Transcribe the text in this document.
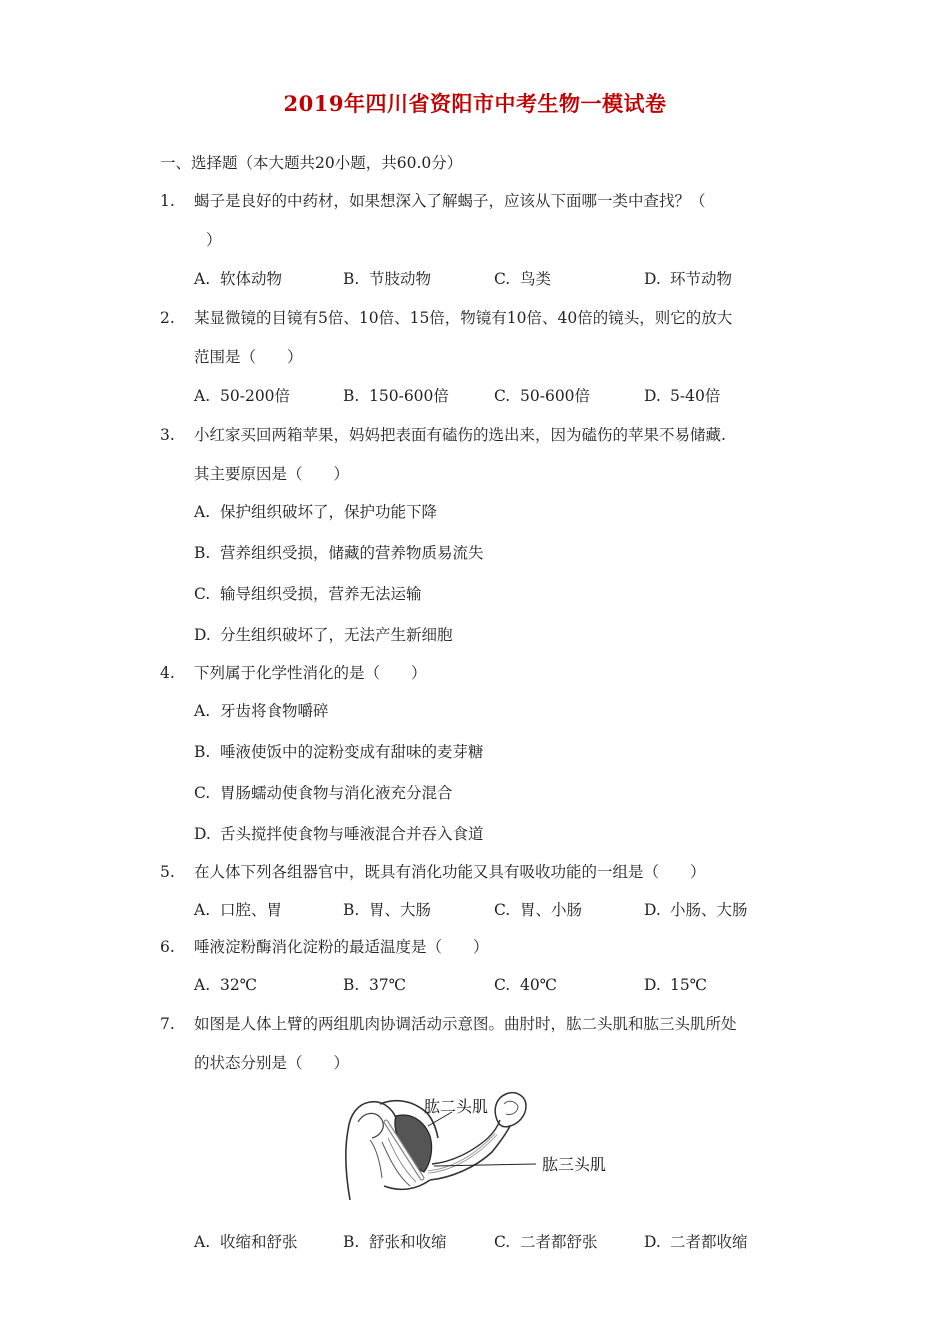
2019年四川省资阳市中考生物一模试卷
一、选择题（本大题共20小题，共60.0分）
1. 蝎子是良好的中药材，如果想深入了解蝎子，应该从下面哪一类中查找？（
）
A. 软体动物	B. 节肢动物	C. 鸟类	D. 环节动物
2. 某显微镜的目镜有5倍、10倍、15倍，物镜有10倍、40倍的镜头，则它的放大
范围是（　　）
A. 50-200倍	B. 150-600倍	C. 50-600倍	D. 5-40倍
3. 小红家买回两箱苹果，妈妈把表面有磕伤的选出来，因为磕伤的苹果不易储藏.
其主要原因是（　　）
A. 保护组织破坏了，保护功能下降
B. 营养组织受损，储藏的营养物质易流失
C. 输导组织受损，营养无法运输
D. 分生组织破坏了，无法产生新细胞
4. 下列属于化学性消化的是（　　）
A. 牙齿将食物嚼碎
B. 唾液使饭中的淀粉变成有甜味的麦芽糖
C. 胃肠蠕动使食物与消化液充分混合
D. 舌头搅拌使食物与唾液混合并吞入食道
5. 在人体下列各组器官中，既具有消化功能又具有吸收功能的一组是（　　）
A. 口腔、胃	B. 胃、大肠	C. 胃、小肠	D. 小肠、大肠
6. 唾液淀粉酶消化淀粉的最适温度是（　　）
A. 32℃	B. 37℃	C. 40℃	D. 15℃
7. 如图是人体上臂的两组肌肉协调活动示意图。曲肘时，肱二头肌和肱三头肌所处
的状态分别是（　　）
肱二头肌
肱三头肌
A. 收缩和舒张	B. 舒张和收缩	C. 二者都舒张	D. 二者都收缩
